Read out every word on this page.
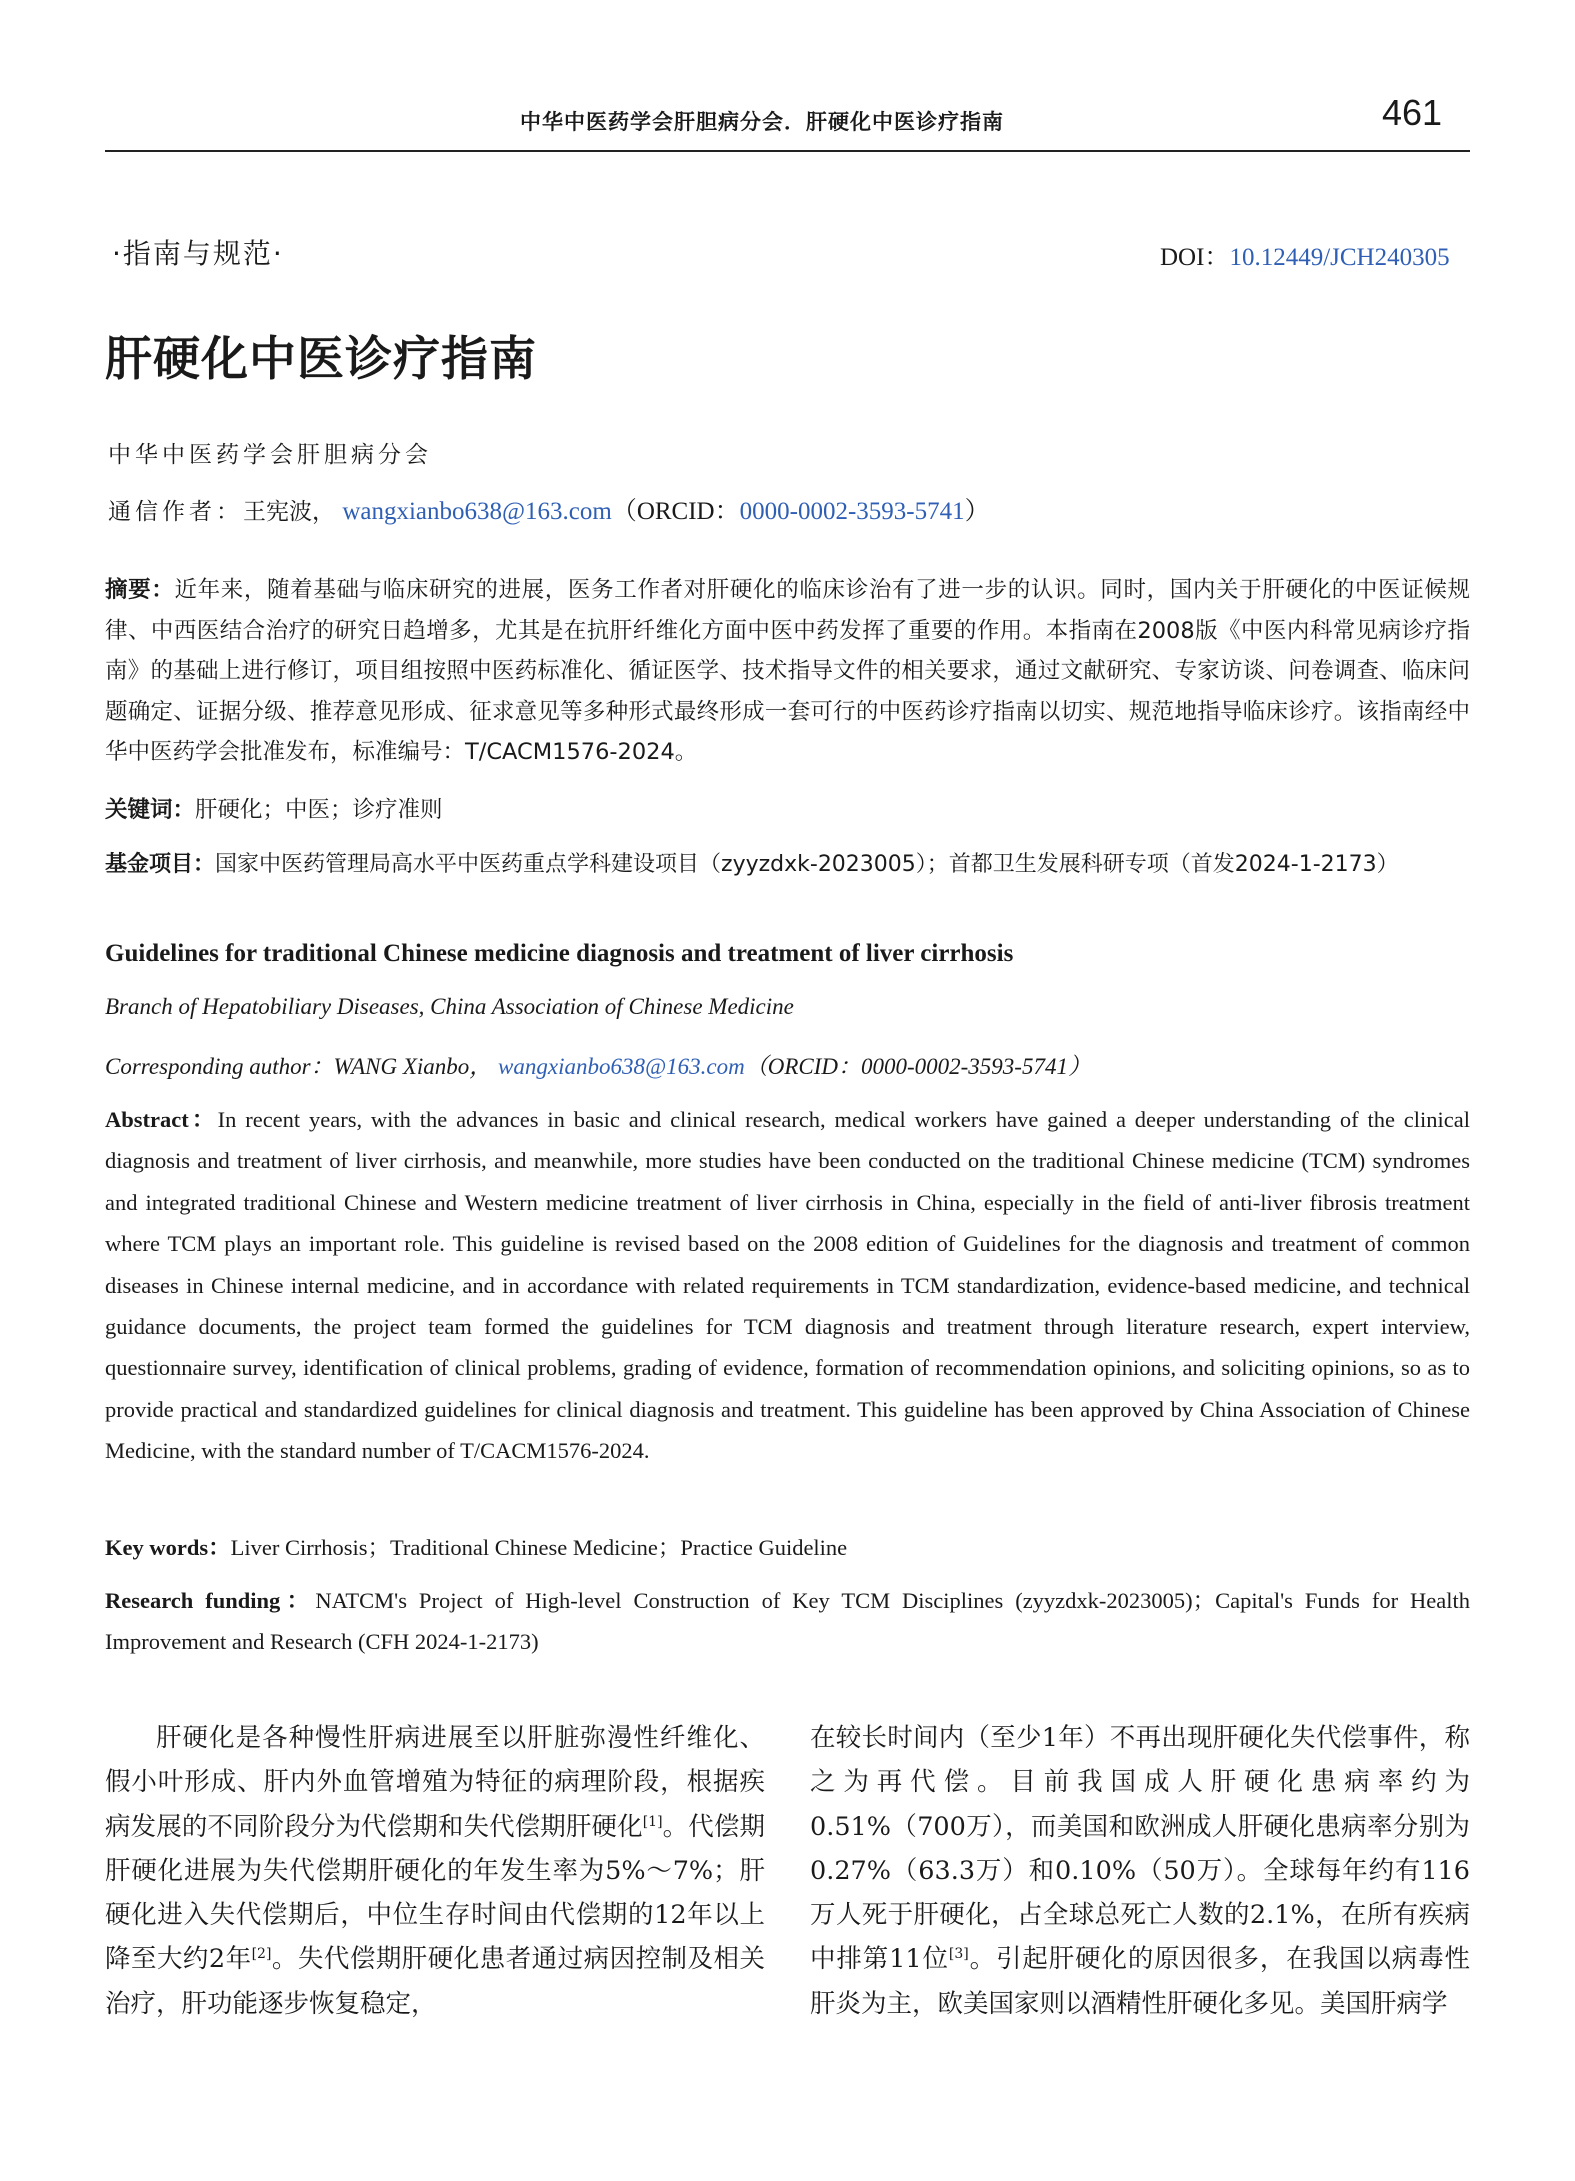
中华中医药学会肝胆病分会．肝硬化中医诊疗指南	461
·指南与规范·	DOI：10.12449/JCH240305
肝硬化中医诊疗指南
中华中医药学会肝胆病分会
通信作者：王宪波， wangxianbo638@163.com（ORCID：0000-0002-3593-5741）
摘要：近年来，随着基础与临床研究的进展，医务工作者对肝硬化的临床诊治有了进一步的认识。同时，国内关于肝硬化的中医证候规律、中西医结合治疗的研究日趋增多，尤其是在抗肝纤维化方面中医中药发挥了重要的作用。本指南在2008版《中医内科常见病诊疗指南》的基础上进行修订，项目组按照中医药标准化、循证医学、技术指导文件的相关要求，通过文献研究、专家访谈、问卷调查、临床问题确定、证据分级、推荐意见形成、征求意见等多种形式最终形成一套可行的中医药诊疗指南以切实、规范地指导临床诊疗。该指南经中华中医药学会批准发布，标准编号：T/CACM1576-2024。
关键词：肝硬化；中医；诊疗准则
基金项目：国家中医药管理局高水平中医药重点学科建设项目（zyyzdxk-2023005）；首都卫生发展科研专项（首发2024-1-2173）
Guidelines for traditional Chinese medicine diagnosis and treatment of liver cirrhosis
Branch of Hepatobiliary Diseases, China Association of Chinese Medicine
Corresponding author：WANG Xianbo， wangxianbo638@163.com（ORCID：0000-0002-3593-5741）
Abstract：In recent years, with the advances in basic and clinical research, medical workers have gained a deeper understanding of the clinical diagnosis and treatment of liver cirrhosis, and meanwhile, more studies have been conducted on the traditional Chinese medicine (TCM) syndromes and integrated traditional Chinese and Western medicine treatment of liver cirrhosis in China, especially in the field of anti-liver fibrosis treatment where TCM plays an important role. This guideline is revised based on the 2008 edition of Guidelines for the diagnosis and treatment of common diseases in Chinese internal medicine, and in accordance with related requirements in TCM standardization, evidence-based medicine, and technical guidance documents, the project team formed the guidelines for TCM diagnosis and treatment through literature research, expert interview, questionnaire survey, identification of clinical problems, grading of evidence, formation of recommendation opinions, and soliciting opinions, so as to provide practical and standardized guidelines for clinical diagnosis and treatment. This guideline has been approved by China Association of Chinese Medicine, with the standard number of T/CACM1576-2024.
Key words：Liver Cirrhosis；Traditional Chinese Medicine；Practice Guideline
Research funding：NATCM's Project of High-level Construction of Key TCM Disciplines (zyyzdxk-2023005)；Capital's Funds for Health Improvement and Research (CFH 2024-1-2173)
肝硬化是各种慢性肝病进展至以肝脏弥漫性纤维化、假小叶形成、肝内外血管增殖为特征的病理阶段，根据疾病发展的不同阶段分为代偿期和失代偿期肝硬化[1]。代偿期肝硬化进展为失代偿期肝硬化的年发生率为5%～7%；肝硬化进入失代偿期后，中位生存时间由代偿期的12年以上降至大约2年[2]。失代偿期肝硬化患者通过病因控制及相关治疗，肝功能逐步恢复稳定，
在较长时间内（至少1年）不再出现肝硬化失代偿事件，称之为再代偿。目前我国成人肝硬化患病率约为0.51%（700万），而美国和欧洲成人肝硬化患病率分别为0.27%（63.3万）和0.10%（50万）。全球每年约有116万人死于肝硬化，占全球总死亡人数的2.1%，在所有疾病中排第11位[3]。引起肝硬化的原因很多，在我国以病毒性肝炎为主，欧美国家则以酒精性肝硬化多见。美国肝病学
